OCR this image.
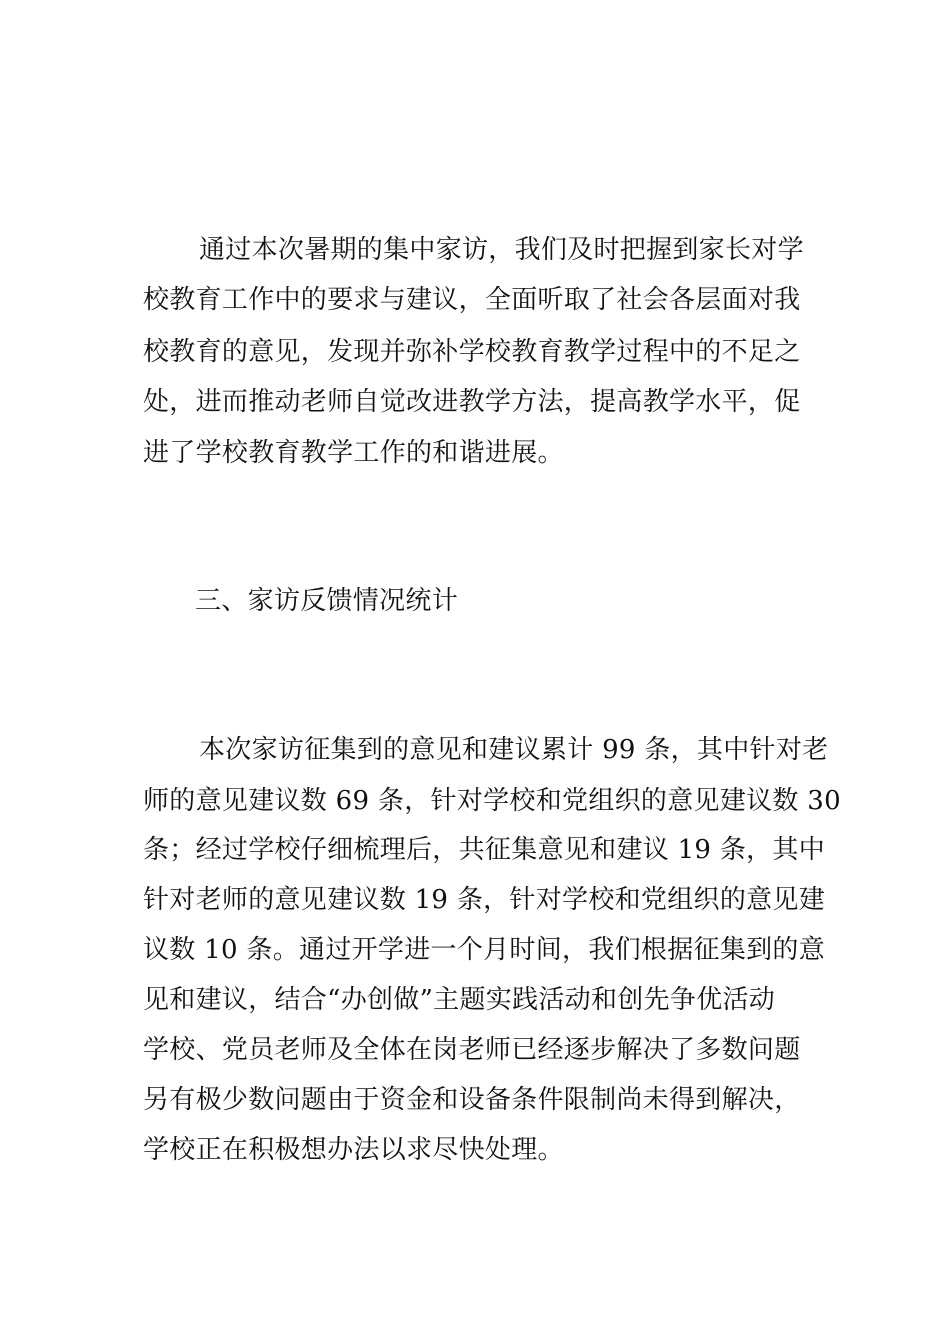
通过本次暑期的集中家访，我们及时把握到家长对学
校教育工作中的要求与建议，全面听取了社会各层面对我
校教育的意见，发现并弥补学校教育教学过程中的不足之
处，进而推动老师自觉改进教学方法，提高教学水平，促
进了学校教育教学工作的和谐进展。
三、家访反馈情况统计
本次家访征集到的意见和建议累计 99 条，其中针对老
师的意见建议数 69 条，针对学校和党组织的意见建议数 30
条；经过学校仔细梳理后，共征集意见和建议 19 条，其中
针对老师的意见建议数 19 条，针对学校和党组织的意见建
议数 10 条。通过开学进一个月时间，我们根据征集到的意
见和建议，结合“办创做”主题实践活动和创先争优活动
学校、党员老师及全体在岗老师已经逐步解决了多数问题
另有极少数问题由于资金和设备条件限制尚未得到解决，
学校正在积极想办法以求尽快处理。
